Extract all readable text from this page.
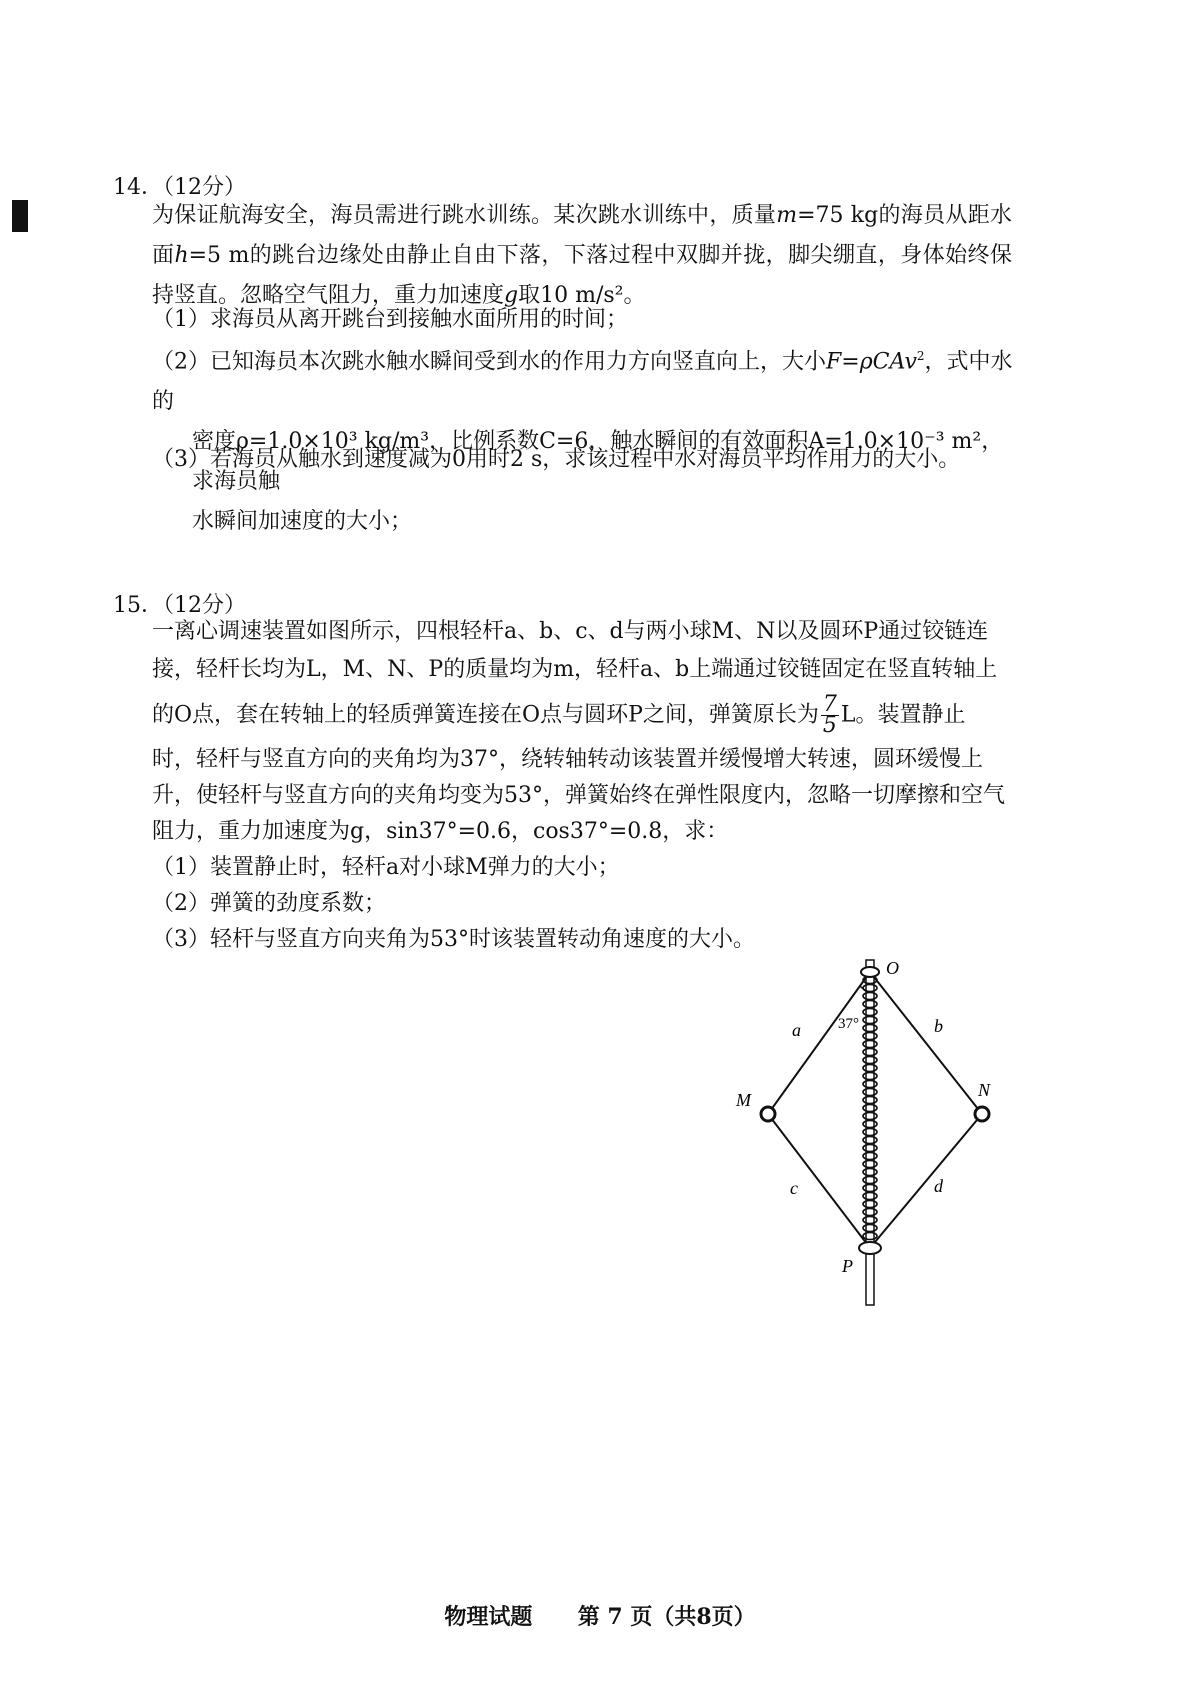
14．（12分）
为保证航海安全，海员需进行跳水训练。某次跳水训练中，质量m=75 kg的海员从距水面h=5 m的跳台边缘处由静止自由下落，下落过程中双脚并拢，脚尖绷直，身体始终保持竖直。忽略空气阻力，重力加速度g取10 m/s²。
（1）求海员从离开跳台到接触水面所用的时间；
（2）已知海员本次跳水触水瞬间受到水的作用力方向竖直向上，大小F=ρCAv$^2$，式中水的
密度ρ=1.0×10³ kg/m³，比例系数C=6，触水瞬间的有效面积A=1.0×10⁻³ m²，求海员触
水瞬间加速度的大小；
（3）若海员从触水到速度减为0用时2 s，求该过程中水对海员平均作用力的大小。
15．（12分）
一离心调速装置如图所示，四根轻杆a、b、c、d与两小球M、N以及圆环P通过铰链连
接，轻杆长均为L，M、N、P的质量均为m，轻杆a、b上端通过铰链固定在竖直转轴上
的O点，套在转轴上的轻质弹簧连接在O点与圆环P之间，弹簧原长为 $\frac{7}{5}$ L。装置静止
时，轻杆与竖直方向的夹角均为37°，绕转轴转动该装置并缓慢增大转速，圆环缓慢上
升，使轻杆与竖直方向的夹角均变为53°，弹簧始终在弹性限度内，忽略一切摩擦和空气
阻力，重力加速度为g，sin37°=0.6，cos37°=0.8，求：
（1）装置静止时，轻杆a对小球M弹力的大小；
（2）弹簧的劲度系数；
（3）轻杆与竖直方向夹角为53°时该装置转动角速度的大小。
O
a	b
37°
M	N
c	d
P
物理试题 第 7 页（共8页）
